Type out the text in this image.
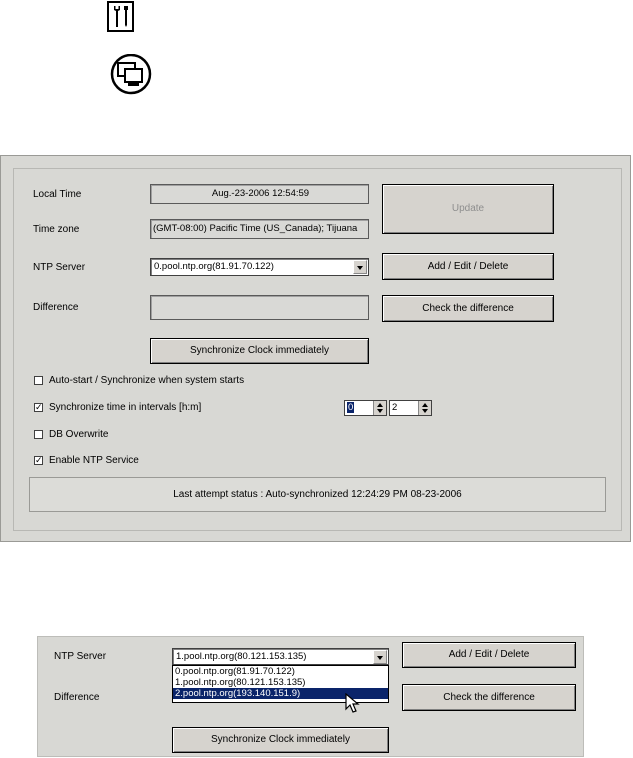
Local Time	Aug.-23-2006 12:54:59
Time zone	(GMT-08:00) Pacific Time (US_Canada); Tijuana
Update
NTP Server	0.pool.ntp.org(81.91.70.122)	Add / Edit / Delete
Difference	Check the difference
Synchronize Clock immediately
Auto-start / Synchronize when system starts
✓ Synchronize time in intervals [h:m]	0	2
DB Overwrite
✓ Enable NTP Service
Last attempt status : Auto-synchronized 12:24:29 PM 08-23-2006
NTP Server	1.pool.ntp.org(80.121.153.135)
0.pool.ntp.org(81.91.70.122)
1.pool.ntp.org(80.121.153.135)
2.pool.ntp.org(193.140.151.9)
Add / Edit / Delete
Difference	Check the difference
Synchronize Clock immediately
